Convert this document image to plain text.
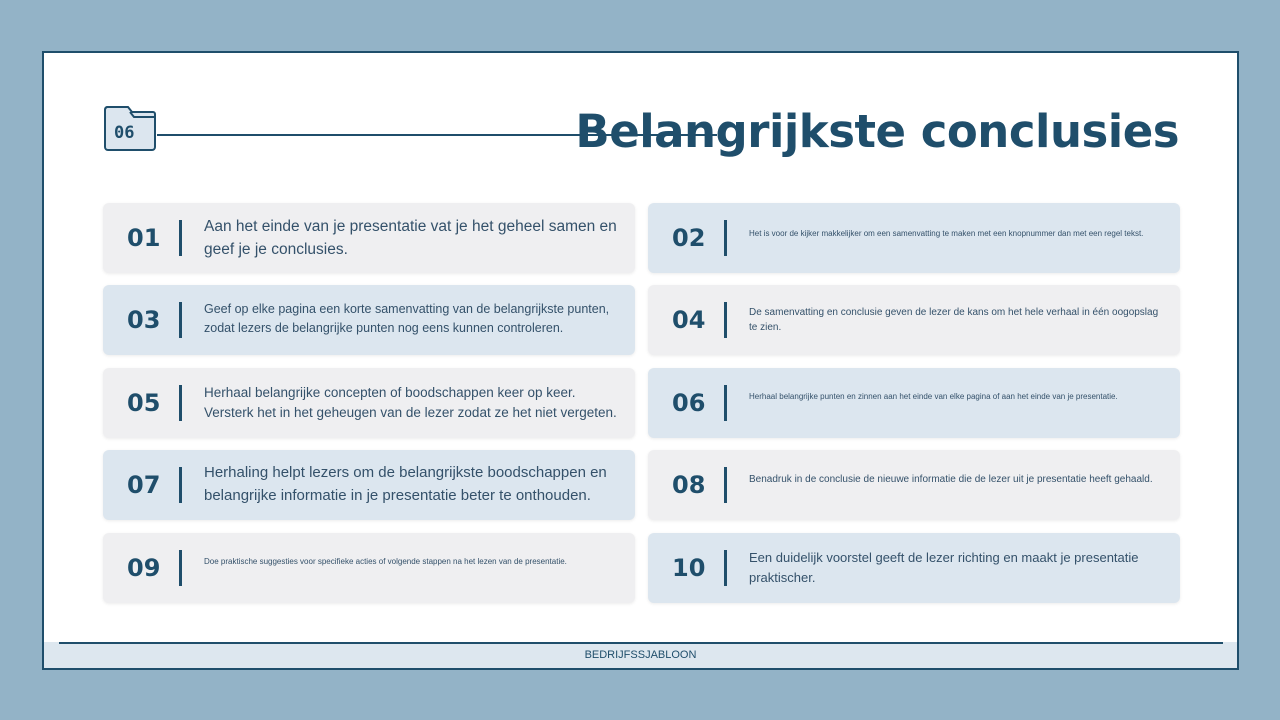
06	Belangrijkste conclusies
01	Aan het einde van je presentatie vat je het geheel samen en geef je je conclusies.	02	Het is voor de kijker makkelijker om een samenvatting te maken met een knopnummer dan met een regel tekst.
03	Geef op elke pagina een korte samenvatting van de belangrijkste punten, zodat lezers de belangrijke punten nog eens kunnen controleren.	04	De samenvatting en conclusie geven de lezer de kans om het hele verhaal in één oogopslag te zien.
05	Herhaal belangrijke concepten of boodschappen keer op keer. Versterk het in het geheugen van de lezer zodat ze het niet vergeten. 06	Herhaal belangrijke punten en zinnen aan het einde van elke pagina of aan het einde van je presentatie.
07	Herhaling helpt lezers om de belangrijkste boodschappen en belangrijke informatie in je presentatie beter te onthouden.	08	Benadruk in de conclusie de nieuwe informatie die de lezer uit je presentatie heeft gehaald.
09	Doe praktische suggesties voor specifieke acties of volgende stappen na het lezen van de presentatie.	10	Een duidelijk voorstel geeft de lezer richting en maakt je presentatie praktischer.
BEDRIJFSSJABLOON
